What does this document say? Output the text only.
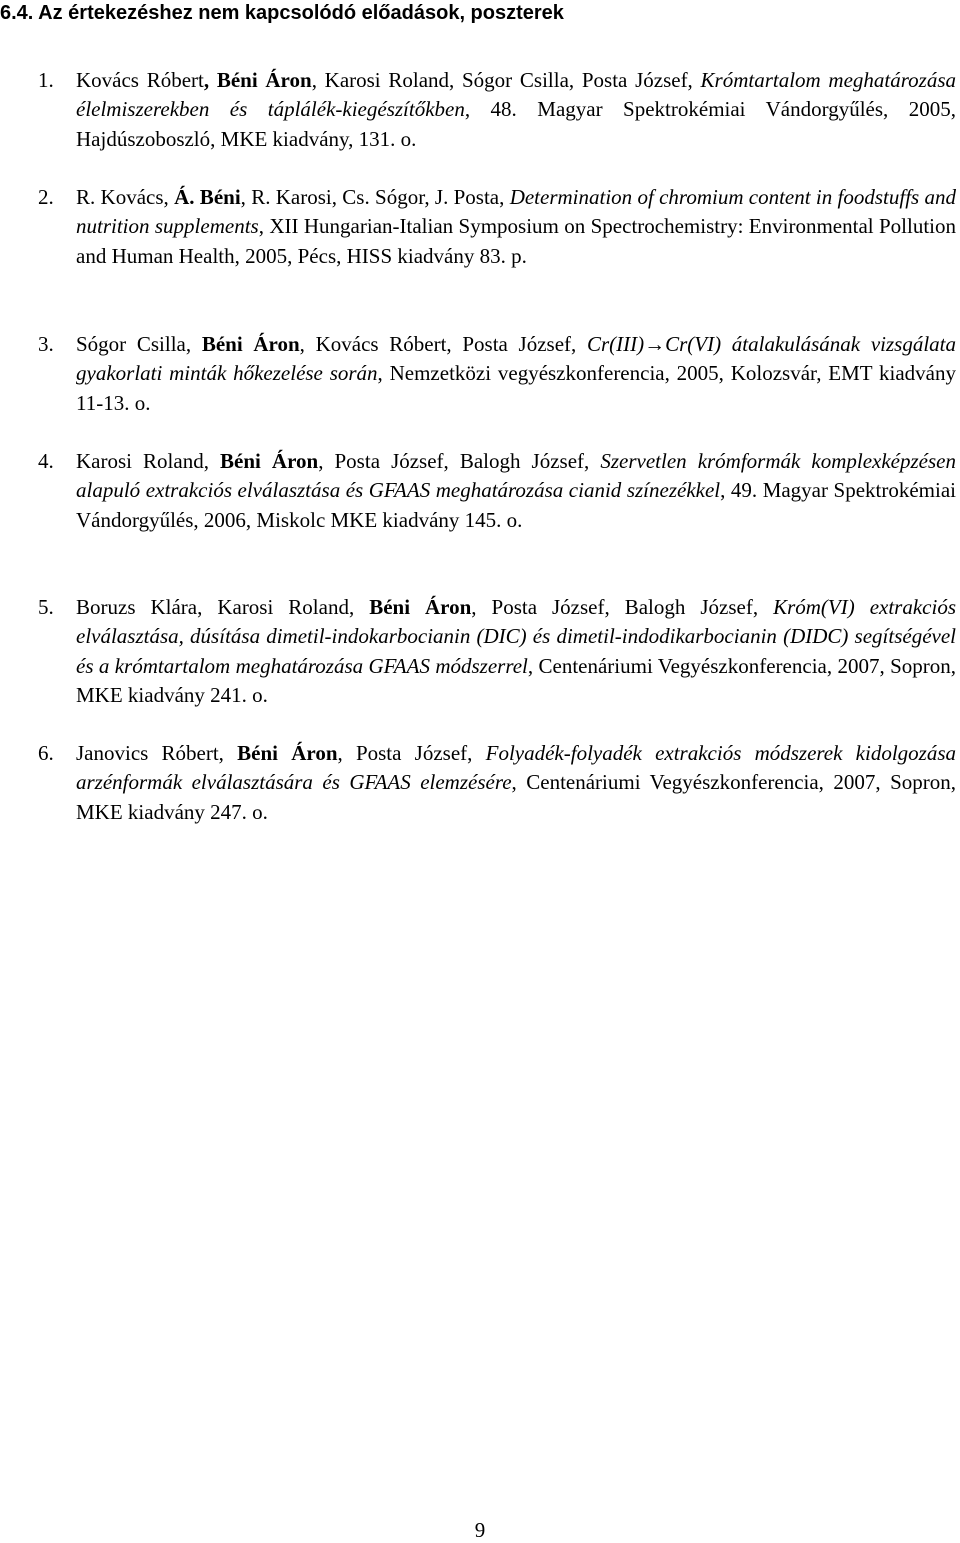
6.4. Az értekezéshez nem kapcsolódó előadások, poszterek

1.	Kovács Róbert, Béni Áron, Karosi Roland, Sógor Csilla, Posta József, Krómtartalom meghatározása élelmiszerekben és táplálék-kiegészítőkben, 48. Magyar Spektrokémiai Vándorgyűlés, 2005, Hajdúszoboszló, MKE kiadvány, 131. o.

2.	R. Kovács, Á. Béni, R. Karosi, Cs. Sógor, J. Posta, Determination of chromium content in foodstuffs and nutrition supplements, XII Hungarian-Italian Symposium on Spectrochemistry: Environmental Pollution and Human Health, 2005, Pécs, HISS kiadvány 83. p.

3.	Sógor Csilla, Béni Áron, Kovács Róbert, Posta József, Cr(III)→Cr(VI) átalakulásának vizsgálata gyakorlati minták hőkezelése során, Nemzetközi vegyészkonferencia, 2005, Kolozsvár, EMT kiadvány 11-13. o.

4.	Karosi Roland, Béni Áron, Posta József, Balogh József, Szervetlen krómformák komplexképzésen alapuló extrakciós elválasztása és GFAAS meghatározása cianid színezékkel, 49. Magyar Spektrokémiai Vándorgyűlés, 2006, Miskolc MKE kiadvány 145. o.

5.	Boruzs Klára, Karosi Roland, Béni Áron, Posta József, Balogh József, Króm(VI) extrakciós elválasztása, dúsítása dimetil-indokarbocianin (DIC) és dimetil-indodikarbocianin (DIDC) segítségével és a krómtartalom meghatározása GFAAS módszerrel, Centenáriumi Vegyészkonferencia, 2007, Sopron, MKE kiadvány 241. o.

6.	Janovics Róbert, Béni Áron, Posta József, Folyadék-folyadék extrakciós módszerek kidolgozása arzénformák elválasztására és GFAAS elemzésére, Centenáriumi Vegyészkonferencia, 2007, Sopron, MKE kiadvány 247. o.

9
